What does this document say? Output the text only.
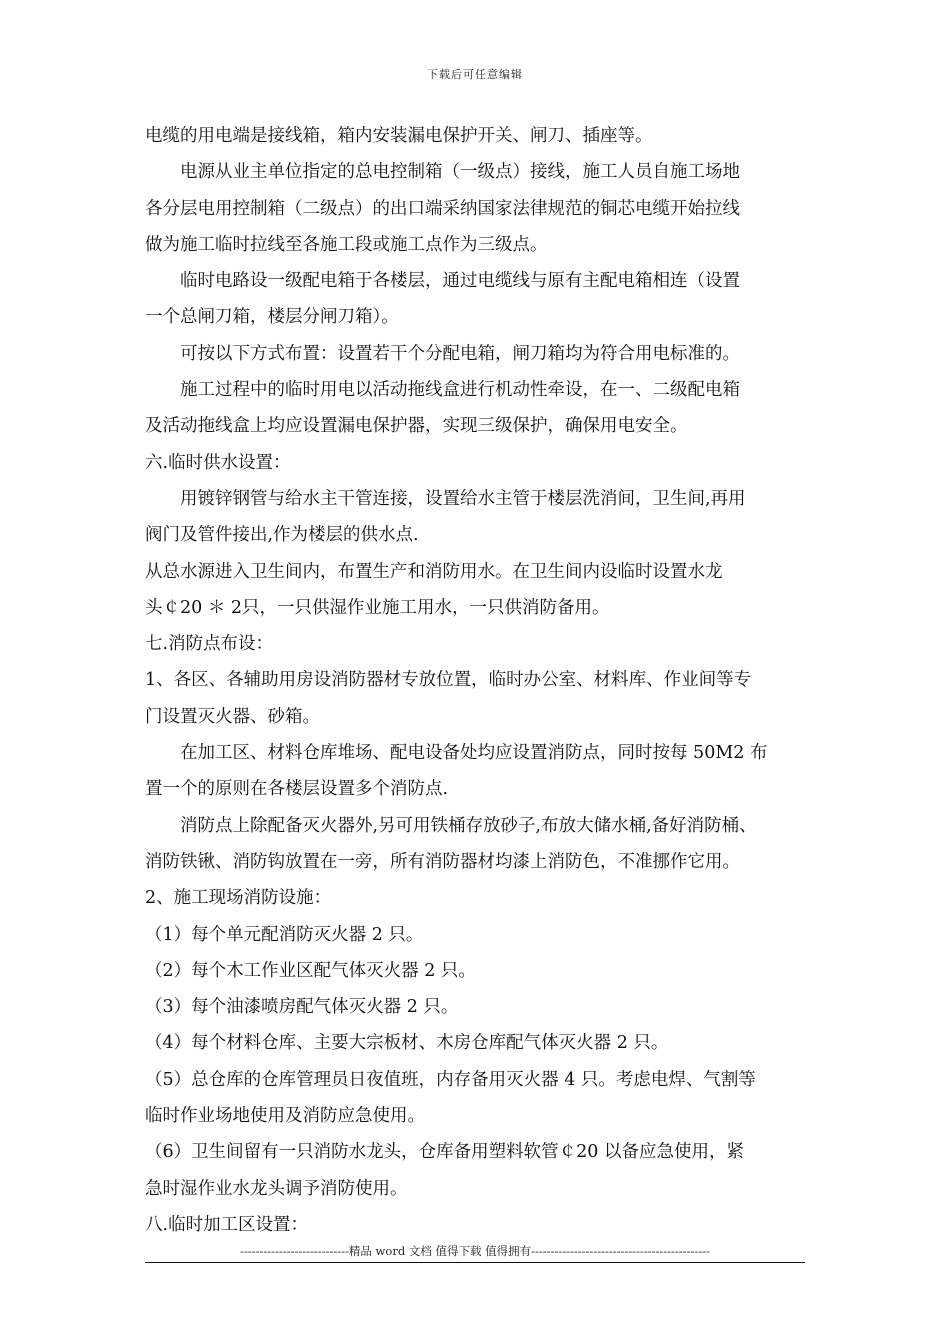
下载后可任意编辑
电缆的用电端是接线箱，箱内安装漏电保护开关、闸刀、插座等。
电源从业主单位指定的总电控制箱（一级点）接线，施工人员自施工场地
各分层电用控制箱（二级点）的出口端采纳国家法律规范的铜芯电缆开始拉线
做为施工临时拉线至各施工段或施工点作为三级点。
临时电路设一级配电箱于各楼层，通过电缆线与原有主配电箱相连（设置
一个总闸刀箱，楼层分闸刀箱）。
可按以下方式布置：设置若干个分配电箱，闸刀箱均为符合用电标准的。
施工过程中的临时用电以活动拖线盒进行机动性牵设，在一、二级配电箱
及活动拖线盒上均应设置漏电保护器，实现三级保护，确保用电安全。
六.临时供水设置：
用镀锌钢管与给水主干管连接，设置给水主管于楼层洗消间，卫生间,再用
阀门及管件接出,作为楼层的供水点.
从总水源进入卫生间内，布置生产和消防用水。在卫生间内设临时设置水龙
头￠20 ＊ 2只，一只供湿作业施工用水，一只供消防备用。
七.消防点布设：
1、各区、各辅助用房设消防器材专放位置，临时办公室、材料库、作业间等专
门设置灭火器、砂箱。
在加工区、材料仓库堆场、配电设备处均应设置消防点，同时按每 50M2 布
置一个的原则在各楼层设置多个消防点.
消防点上除配备灭火器外,另可用铁桶存放砂子,布放大储水桶,备好消防桶、
消防铁锹、消防钩放置在一旁，所有消防器材均漆上消防色，不准挪作它用。
2、施工现场消防设施：
（1）每个单元配消防灭火器 2 只。
（2）每个木工作业区配气体灭火器 2 只。
（3）每个油漆喷房配气体灭火器 2 只。
（4）每个材料仓库、主要大宗板材、木房仓库配气体灭火器 2 只。
（5）总仓库的仓库管理员日夜值班，内存备用灭火器 4 只。考虑电焊、气割等
临时作业场地使用及消防应急使用。
（6）卫生间留有一只消防水龙头，仓库备用塑料软管￠20 以备应急使用，紧
急时湿作业水龙头调予消防使用。
八.临时加工区设置：
----------------------------精品 word 文档 值得下载 值得拥有----------------------------------------------
